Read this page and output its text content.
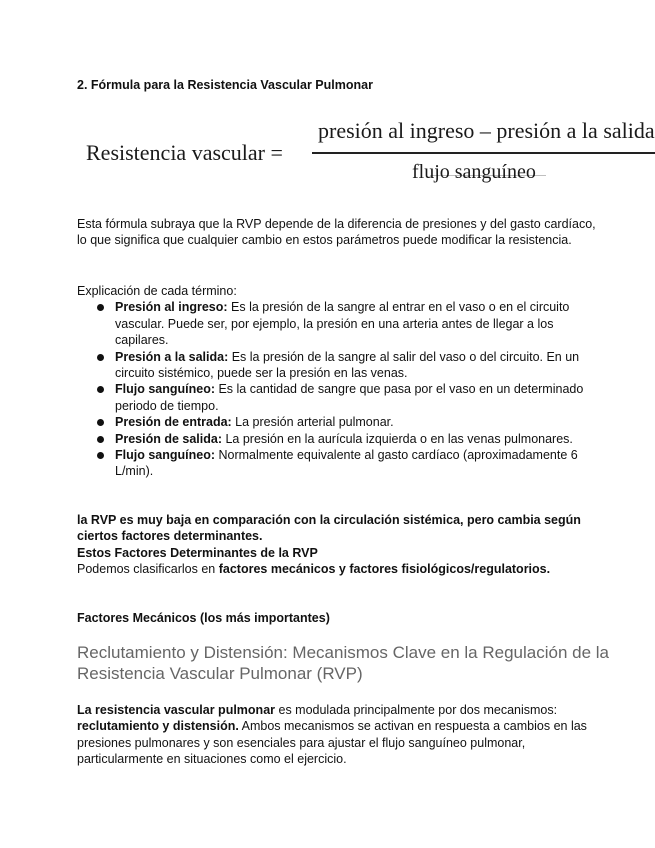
2. Fórmula para la Resistencia Vascular Pulmonar
Resistencia vascular =
presión al ingreso – presión a la salida
flujo sanguíneo

Esta fórmula subraya que la RVP depende de la diferencia de presiones y del gasto cardíaco, lo que significa que cualquier cambio en estos parámetros puede modificar la resistencia.

Explicación de cada término:
Presión al ingreso: Es la presión de la sangre al entrar en el vaso o en el circuito vascular. Puede ser, por ejemplo, la presión en una arteria antes de llegar a los capilares.
Presión a la salida: Es la presión de la sangre al salir del vaso o del circuito. En un circuito sistémico, puede ser la presión en las venas.
Flujo sanguíneo: Es la cantidad de sangre que pasa por el vaso en un determinado periodo de tiempo.
Presión de entrada: La presión arterial pulmonar.
Presión de salida: La presión en la aurícula izquierda o en las venas pulmonares.
Flujo sanguíneo: Normalmente equivalente al gasto cardíaco (aproximadamente 6 L/min).
la RVP es muy baja en comparación con la circulación sistémica, pero cambia según ciertos factores determinantes.
Estos Factores Determinantes de la RVP
Podemos clasificarlos en factores mecánicos y factores fisiológicos/regulatorios.
Factores Mecánicos (los más importantes)
Reclutamiento y Distensión: Mecanismos Clave en la Regulación de la Resistencia Vascular Pulmonar (RVP)

La resistencia vascular pulmonar es modulada principalmente por dos mecanismos: reclutamiento y distensión. Ambos mecanismos se activan en respuesta a cambios en las presiones pulmonares y son esenciales para ajustar el flujo sanguíneo pulmonar, particularmente en situaciones como el ejercicio.
